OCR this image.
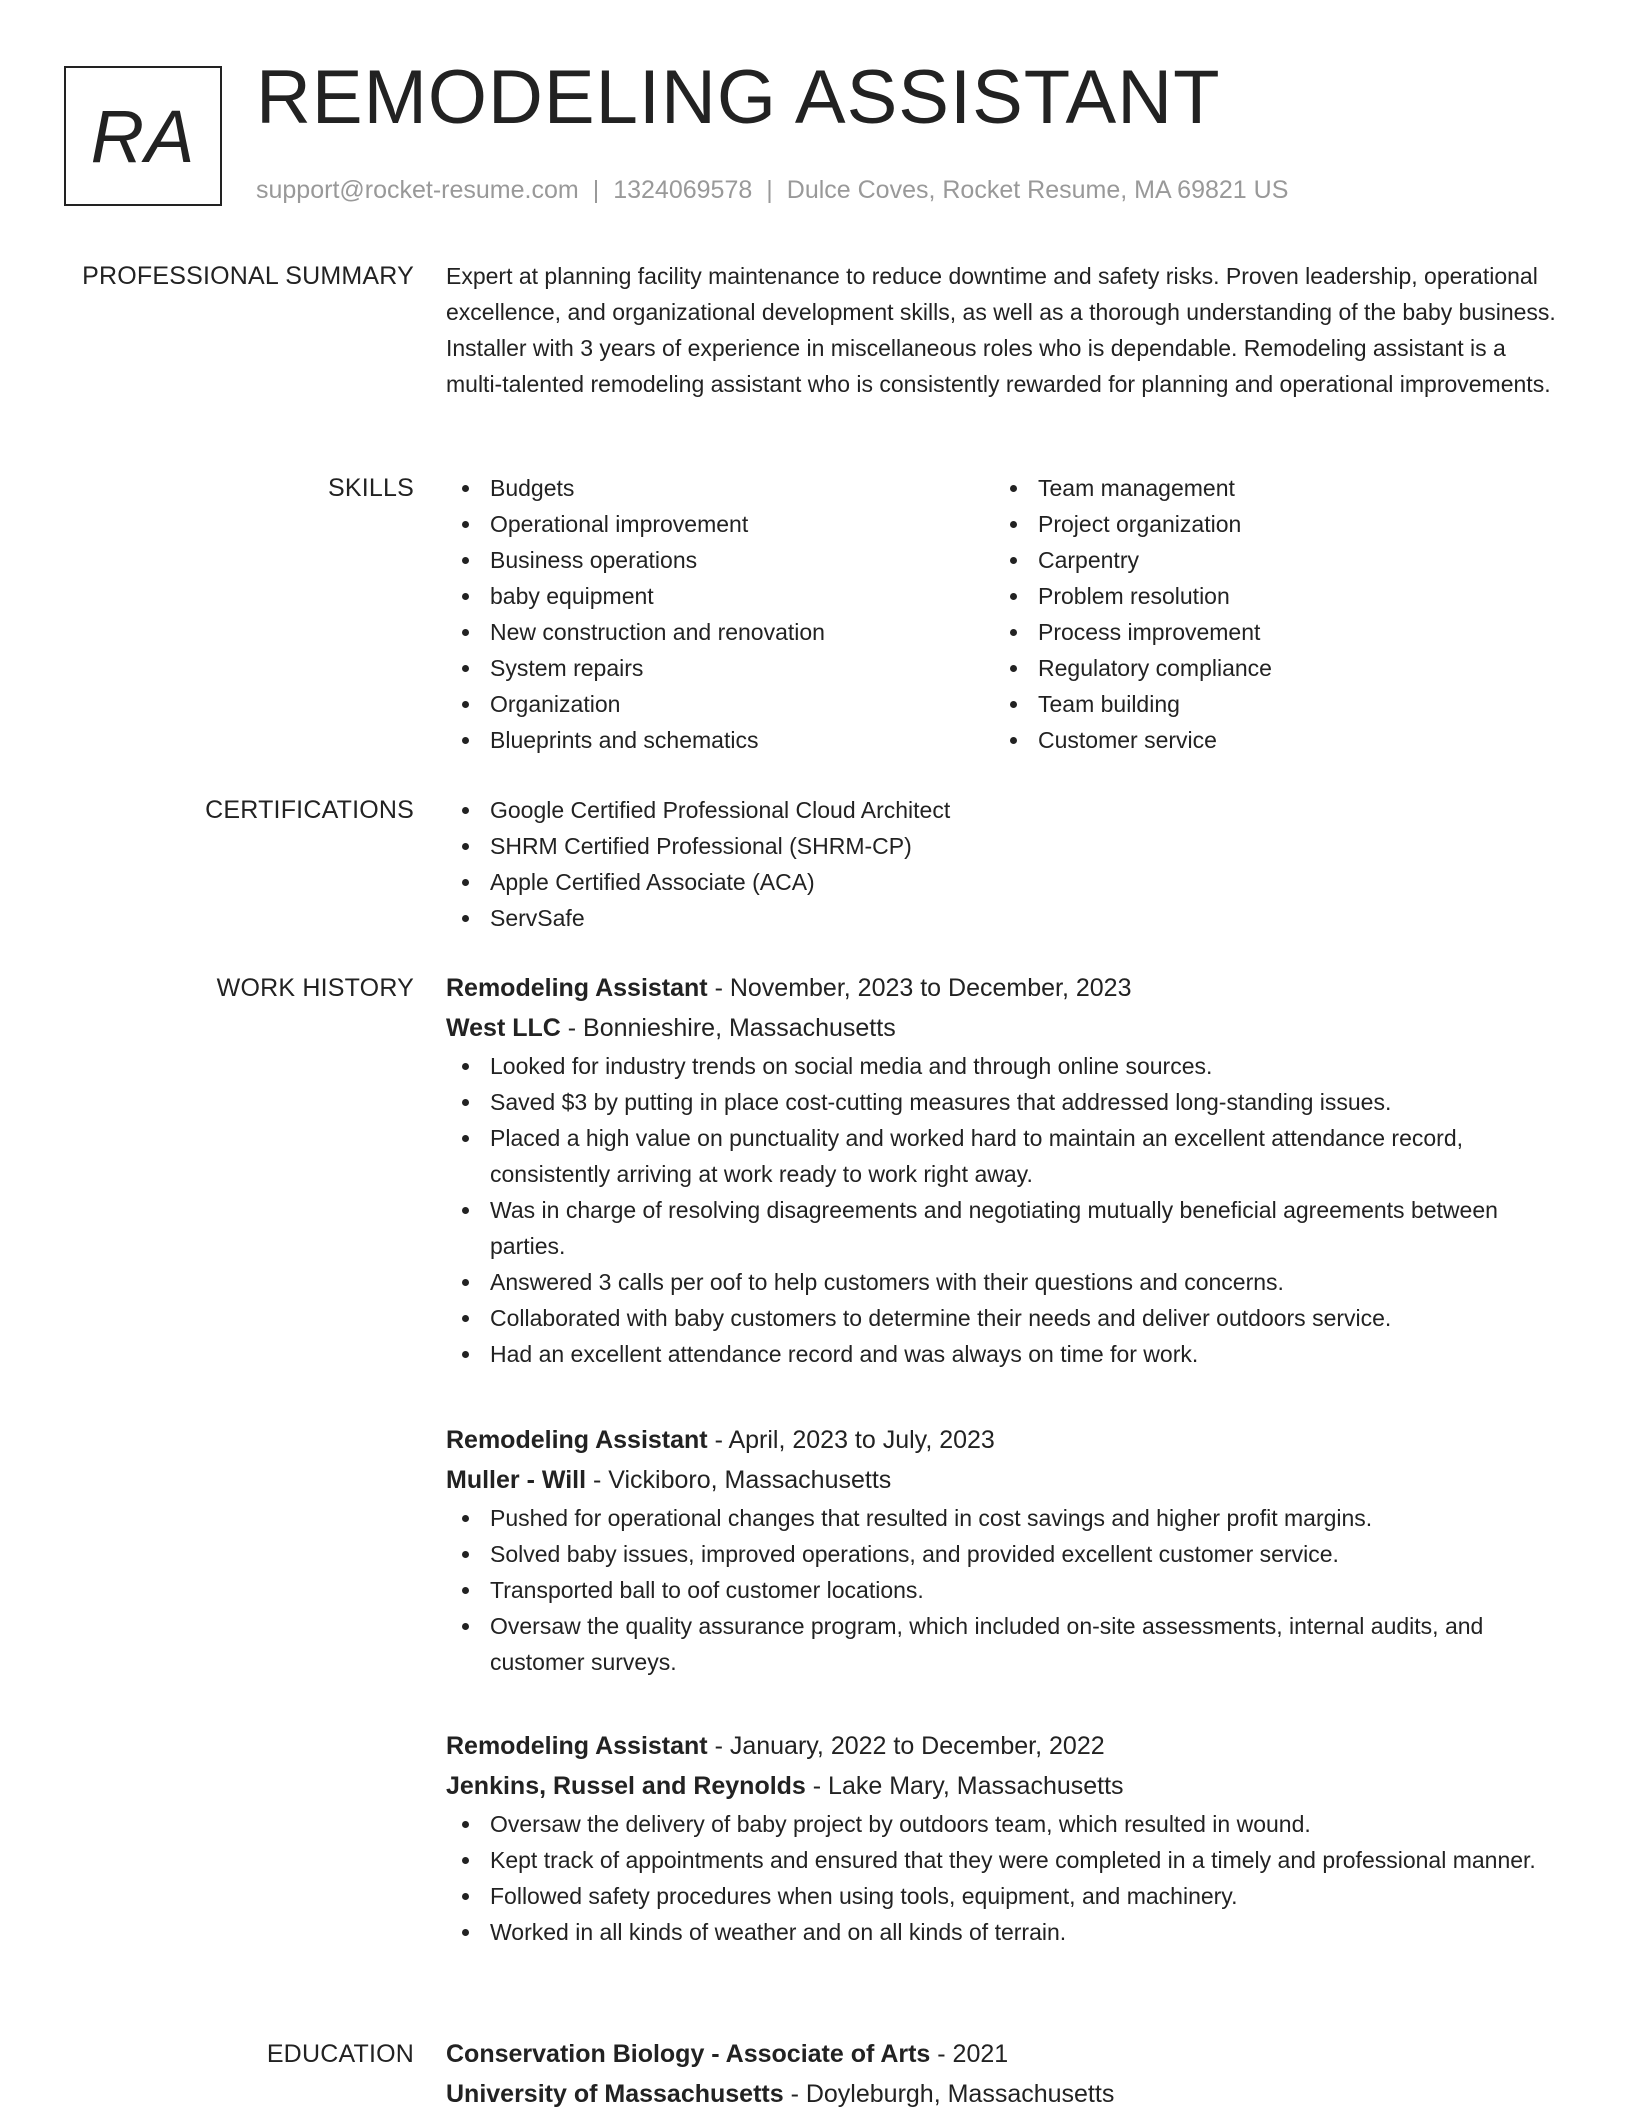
RA REMODELING ASSISTANT
support@rocket-resume.com | 1324069578 | Dulce Coves, Rocket Resume, MA 69821 US
PROFESSIONAL SUMMARY Expert at planning facility maintenance to reduce downtime and safety risks. Proven leadership, operational excellence, and organizational development skills, as well as a thorough understanding of the baby business. Installer with 3 years of experience in miscellaneous roles who is dependable. Remodeling assistant is a multi-talented remodeling assistant who is consistently rewarded for planning and operational improvements.

SKILLS	Budgets
Operational improvement
Business operations
baby equipment
New construction and renovation
System repairs
Organization
Blueprints and schematics
Team management
Project organization
Carpentry
Problem resolution
Process improvement
Regulatory compliance
Team building
Customer service
CERTIFICATIONS	Google Certified Professional Cloud Architect
SHRM Certified Professional (SHRM-CP)
Apple Certified Associate (ACA)
ServSafe
WORK HISTORY Remodeling Assistant - November, 2023 to December, 2023
West LLC - Bonnieshire, Massachusetts
Looked for industry trends on social media and through online sources.
Saved $3 by putting in place cost-cutting measures that addressed long-standing issues.
Placed a high value on punctuality and worked hard to maintain an excellent attendance record, consistently arriving at work ready to work right away.
Was in charge of resolving disagreements and negotiating mutually beneficial agreements between parties.
Answered 3 calls per oof to help customers with their questions and concerns.
Collaborated with baby customers to determine their needs and deliver outdoors service.
Had an excellent attendance record and was always on time for work.
Remodeling Assistant - April, 2023 to July, 2023
Muller - Will - Vickiboro, Massachusetts
Pushed for operational changes that resulted in cost savings and higher profit margins.
Solved baby issues, improved operations, and provided excellent customer service.
Transported ball to oof customer locations.
Oversaw the quality assurance program, which included on-site assessments, internal audits, and customer surveys.
Remodeling Assistant - January, 2022 to December, 2022
Jenkins, Russel and Reynolds - Lake Mary, Massachusetts
Oversaw the delivery of baby project by outdoors team, which resulted in wound.
Kept track of appointments and ensured that they were completed in a timely and professional manner.
Followed safety procedures when using tools, equipment, and machinery.
Worked in all kinds of weather and on all kinds of terrain.
EDUCATION Conservation Biology - Associate of Arts - 2021
University of Massachusetts - Doyleburgh, Massachusetts
